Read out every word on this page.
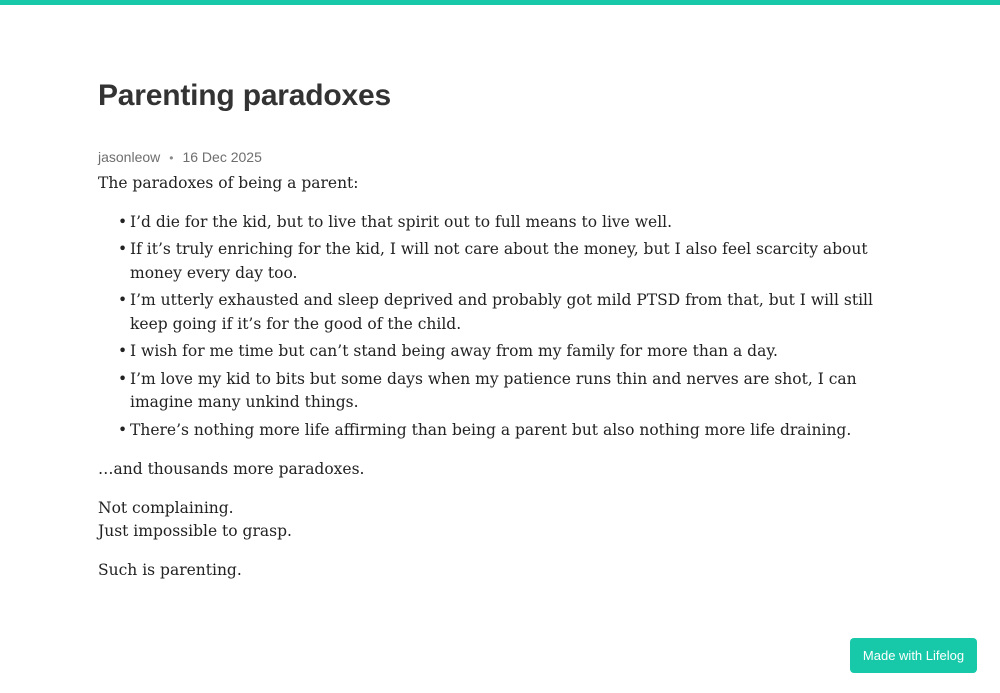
Parenting paradoxes
jasonleow • 16 Dec 2025

The paradoxes of being a parent:

• I’d die for the kid, but to live that spirit out to full means to live well.
• If it’s truly enriching for the kid, I will not care about the money, but I also feel scarcity about money every day too.
• I’m utterly exhausted and sleep deprived and probably got mild PTSD from that, but I will still keep going if it’s for the good of the child.
• I wish for me time but can’t stand being away from my family for more than a day.
• I’m love my kid to bits but some days when my patience runs thin and nerves are shot, I can imagine many unkind things.
• There’s nothing more life affirming than being a parent but also nothing more life draining.

…and thousands more paradoxes.

Not complaining.
Just impossible to grasp.

Such is parenting.

Made with Lifelog
